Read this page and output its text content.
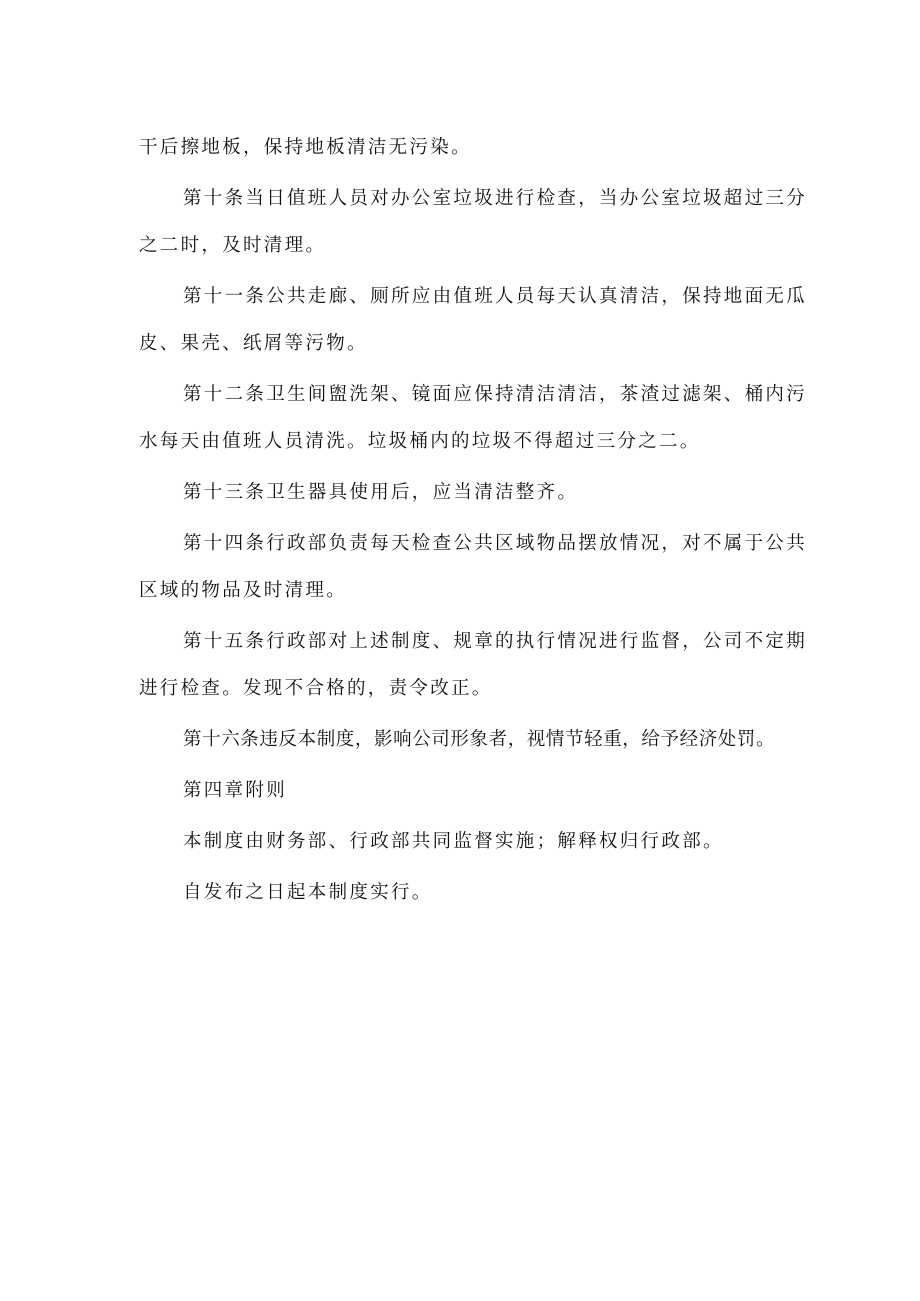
干后擦地板，保持地板清洁无污染。

第十条当日值班人员对办公室垃圾进行检查，当办公室垃圾超过三分
之二时，及时清理。

第十一条公共走廊、厕所应由值班人员每天认真清洁，保持地面无瓜
皮、果壳、纸屑等污物。

第十二条卫生间盥洗架、镜面应保持清洁清洁，茶渣过滤架、桶内污
水每天由值班人员清洗。垃圾桶内的垃圾不得超过三分之二。

第十三条卫生器具使用后，应当清洁整齐。

第十四条行政部负责每天检查公共区域物品摆放情况，对不属于公共
区域的物品及时清理。

第十五条行政部对上述制度、规章的执行情况进行监督，公司不定期
进行检查。发现不合格的，责令改正。

第十六条违反本制度，影响公司形象者，视情节轻重，给予经济处罚。

第四章附则

本制度由财务部、行政部共同监督实施；解释权归行政部。

自发布之日起本制度实行。
